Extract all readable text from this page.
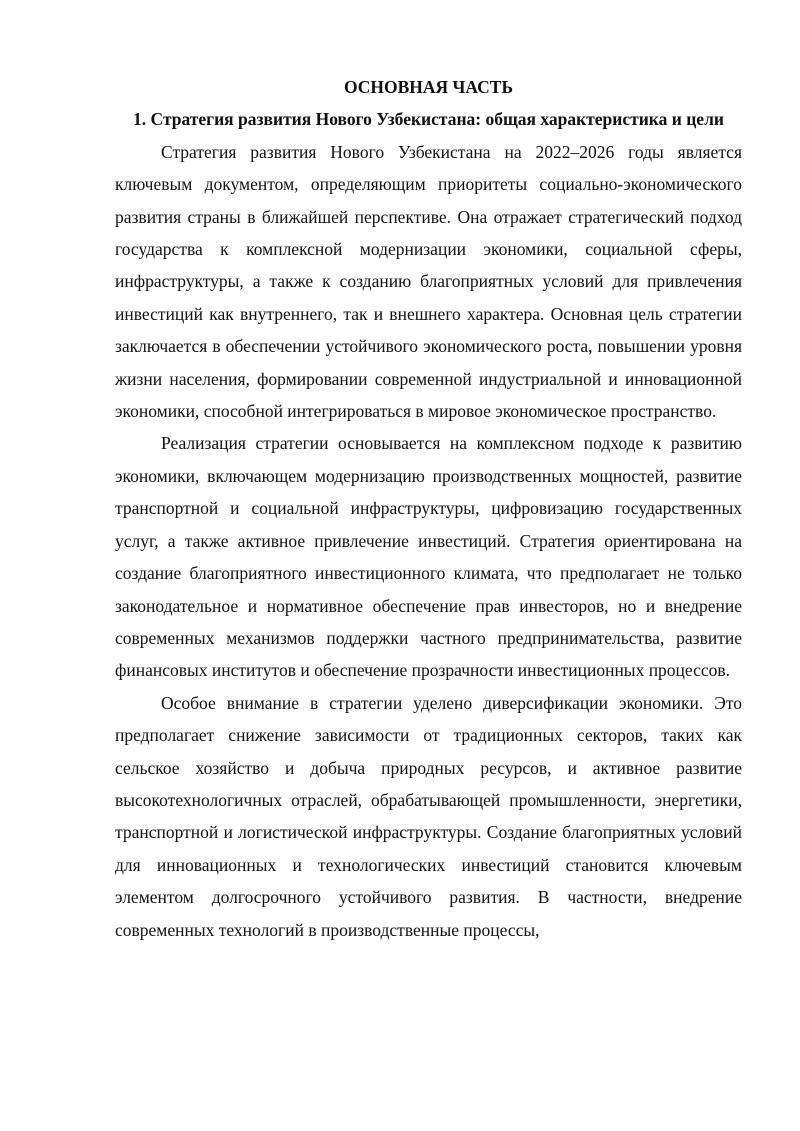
ОСНОВНАЯ ЧАСТЬ

1. Стратегия развития Нового Узбекистана: общая характеристика и цели

Стратегия развития Нового Узбекистана на 2022–2026 годы является ключевым документом, определяющим приоритеты социально-экономического развития страны в ближайшей перспективе. Она отражает стратегический подход государства к комплексной модернизации экономики, социальной сферы, инфраструктуры, а также к созданию благоприятных условий для привлечения инвестиций как внутреннего, так и внешнего характера. Основная цель стратегии заключается в обеспечении устойчивого экономического роста, повышении уровня жизни населения, формировании современной индустриальной и инновационной экономики, способной интегрироваться в мировое экономическое пространство.

Реализация стратегии основывается на комплексном подходе к развитию экономики, включающем модернизацию производственных мощностей, развитие транспортной и социальной инфраструктуры, цифровизацию государственных услуг, а также активное привлечение инвестиций. Стратегия ориентирована на создание благоприятного инвестиционного климата, что предполагает не только законодательное и нормативное обеспечение прав инвесторов, но и внедрение современных механизмов поддержки частного предпринимательства, развитие финансовых институтов и обеспечение прозрачности инвестиционных процессов.

Особое внимание в стратегии уделено диверсификации экономики. Это предполагает снижение зависимости от традиционных секторов, таких как сельское хозяйство и добыча природных ресурсов, и активное развитие высокотехнологичных отраслей, обрабатывающей промышленности, энергетики, транспортной и логистической инфраструктуры. Создание благоприятных условий для инновационных и технологических инвестиций становится ключевым элементом долгосрочного устойчивого развития. В частности, внедрение современных технологий в производственные процессы,
